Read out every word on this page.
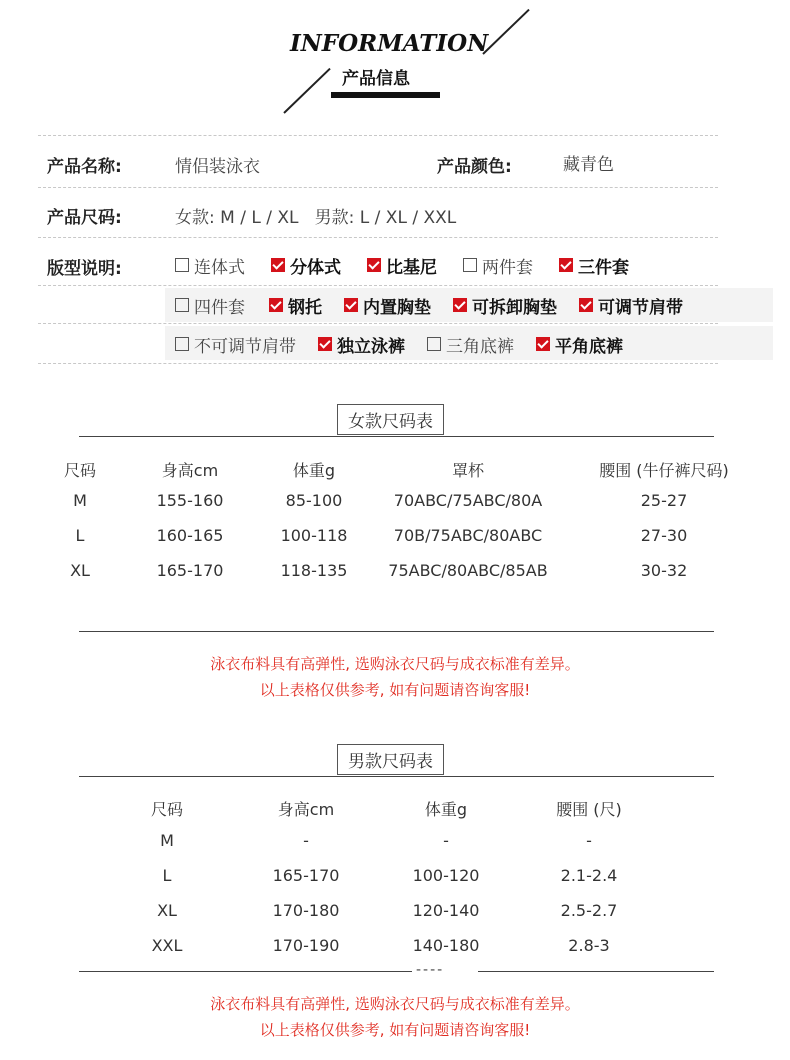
INFORMATION
产品信息
产品名称:	情侣装泳衣	产品颜色:	藏青色
产品尺码:	女款: M / L / XL   男款: L / XL / XXL
版型说明:	连体式	分体式	比基尼	两件套	三件套
四件套	钢托 内置胸垫 可拆卸胸垫 可调节肩带
不可调节肩带 独立泳裤 三角底裤 平角底裤
女款尺码表
尺码	身高cm	体重g	罩杯	腰围 (牛仔裤尺码)
M	155-160	85-100	70ABC/75ABC/80A	25-27
L	160-165	100-118	70B/75ABC/80ABC	27-30
XL	165-170	118-135	75ABC/80ABC/85AB	30-32
泳衣布料具有高弹性, 选购泳衣尺码与成衣标准有差异。
以上表格仅供参考, 如有问题请咨询客服!
男款尺码表
尺码	身高cm	体重g	腰围 (尺)
M	-	-	-
L	165-170	100-120	2.1-2.4
XL	170-180	120-140	2.5-2.7
XXL	170-190	140-180	2.8-3
----
泳衣布料具有高弹性, 选购泳衣尺码与成衣标准有差异。
以上表格仅供参考, 如有问题请咨询客服!
